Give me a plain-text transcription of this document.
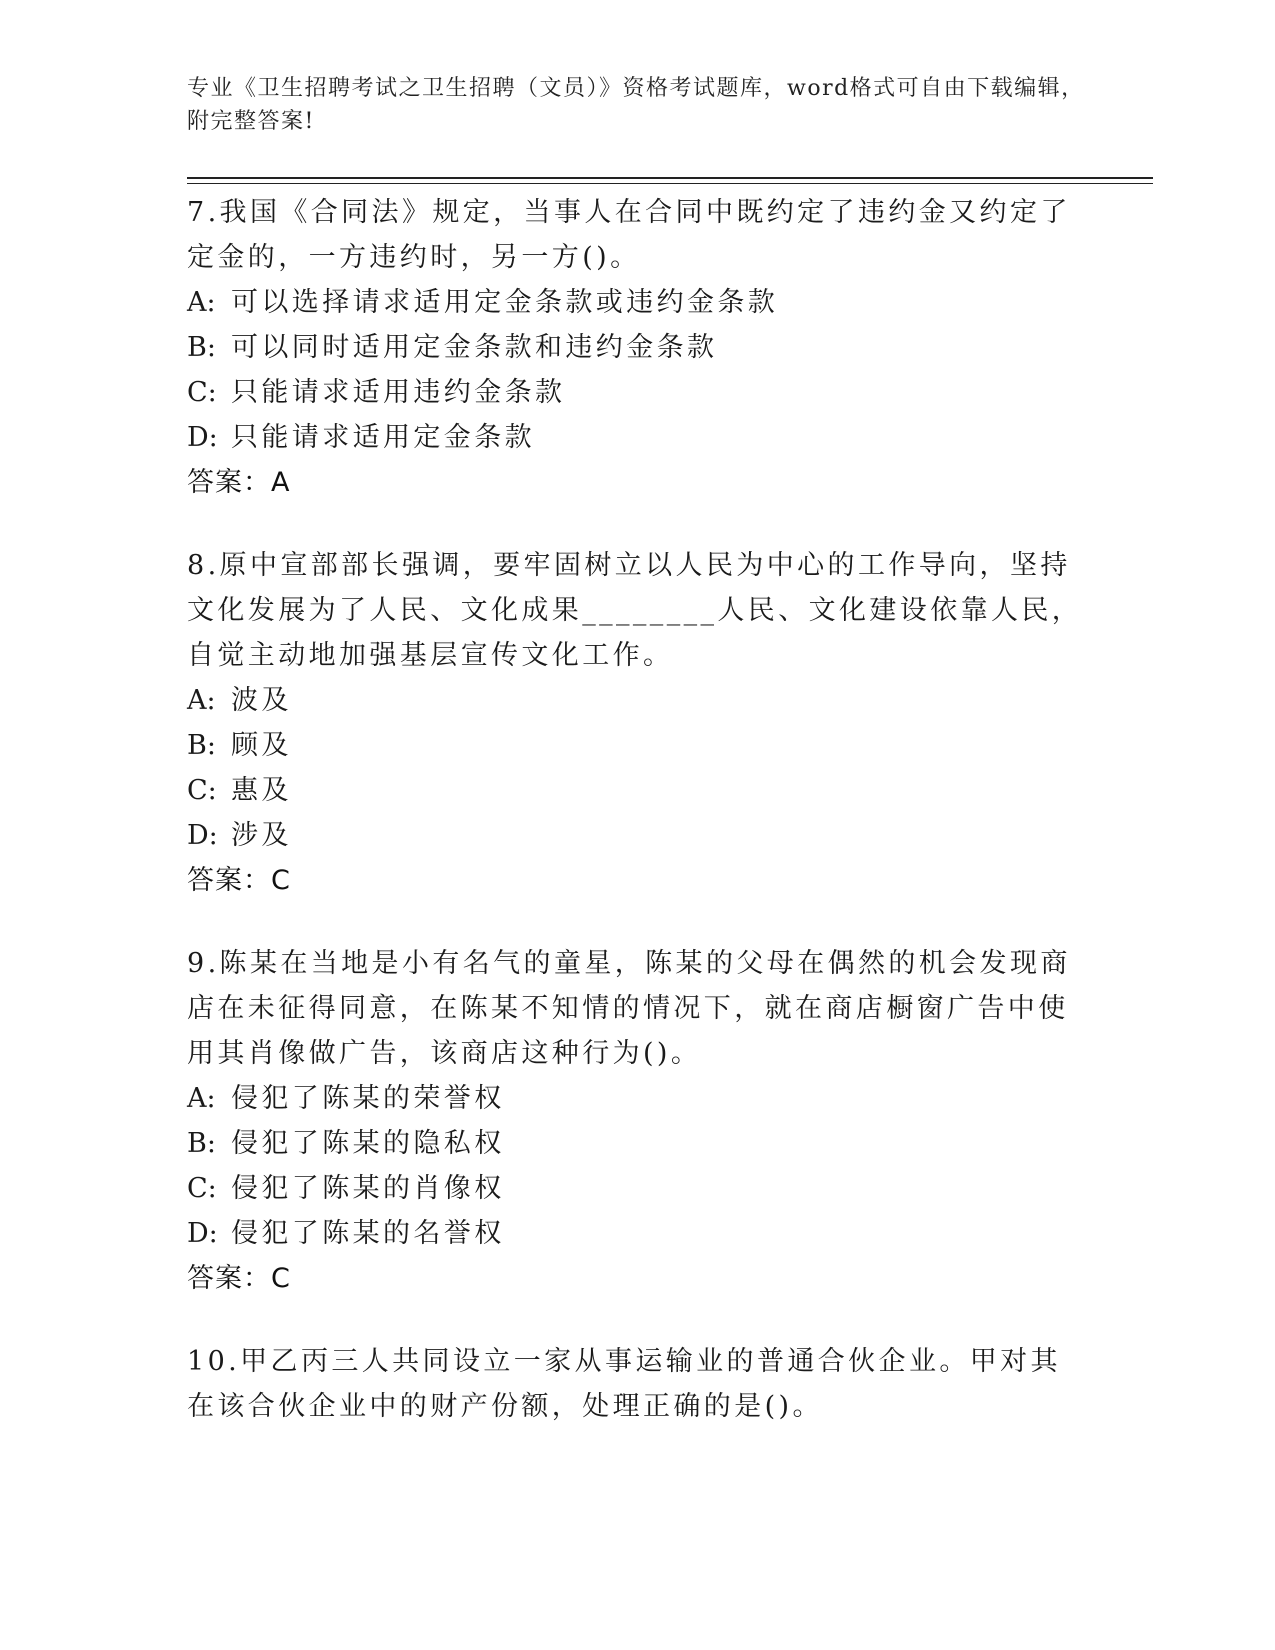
专业《卫生招聘考试之卫生招聘（文员）》资格考试题库，word格式可自由下载编辑，附完整答案!
7.我国《合同法》规定，当事人在合同中既约定了违约金又约定了定金的，一方违约时，另一方()。
A: 可以选择请求适用定金条款或违约金条款
B: 可以同时适用定金条款和违约金条款
C: 只能请求适用违约金条款
D: 只能请求适用定金条款
答案：A
8.原中宣部部长强调，要牢固树立以人民为中心的工作导向，坚持文化发展为了人民、文化成果________人民、文化建设依靠人民，自觉主动地加强基层宣传文化工作。
A: 波及
B: 顾及
C: 惠及
D: 涉及
答案：C
9.陈某在当地是小有名气的童星，陈某的父母在偶然的机会发现商店在未征得同意，在陈某不知情的情况下，就在商店橱窗广告中使用其肖像做广告，该商店这种行为()。
A: 侵犯了陈某的荣誉权
B: 侵犯了陈某的隐私权
C: 侵犯了陈某的肖像权
D: 侵犯了陈某的名誉权
答案：C
10.甲乙丙三人共同设立一家从事运输业的普通合伙企业。甲对其在该合伙企业中的财产份额，处理正确的是()。
